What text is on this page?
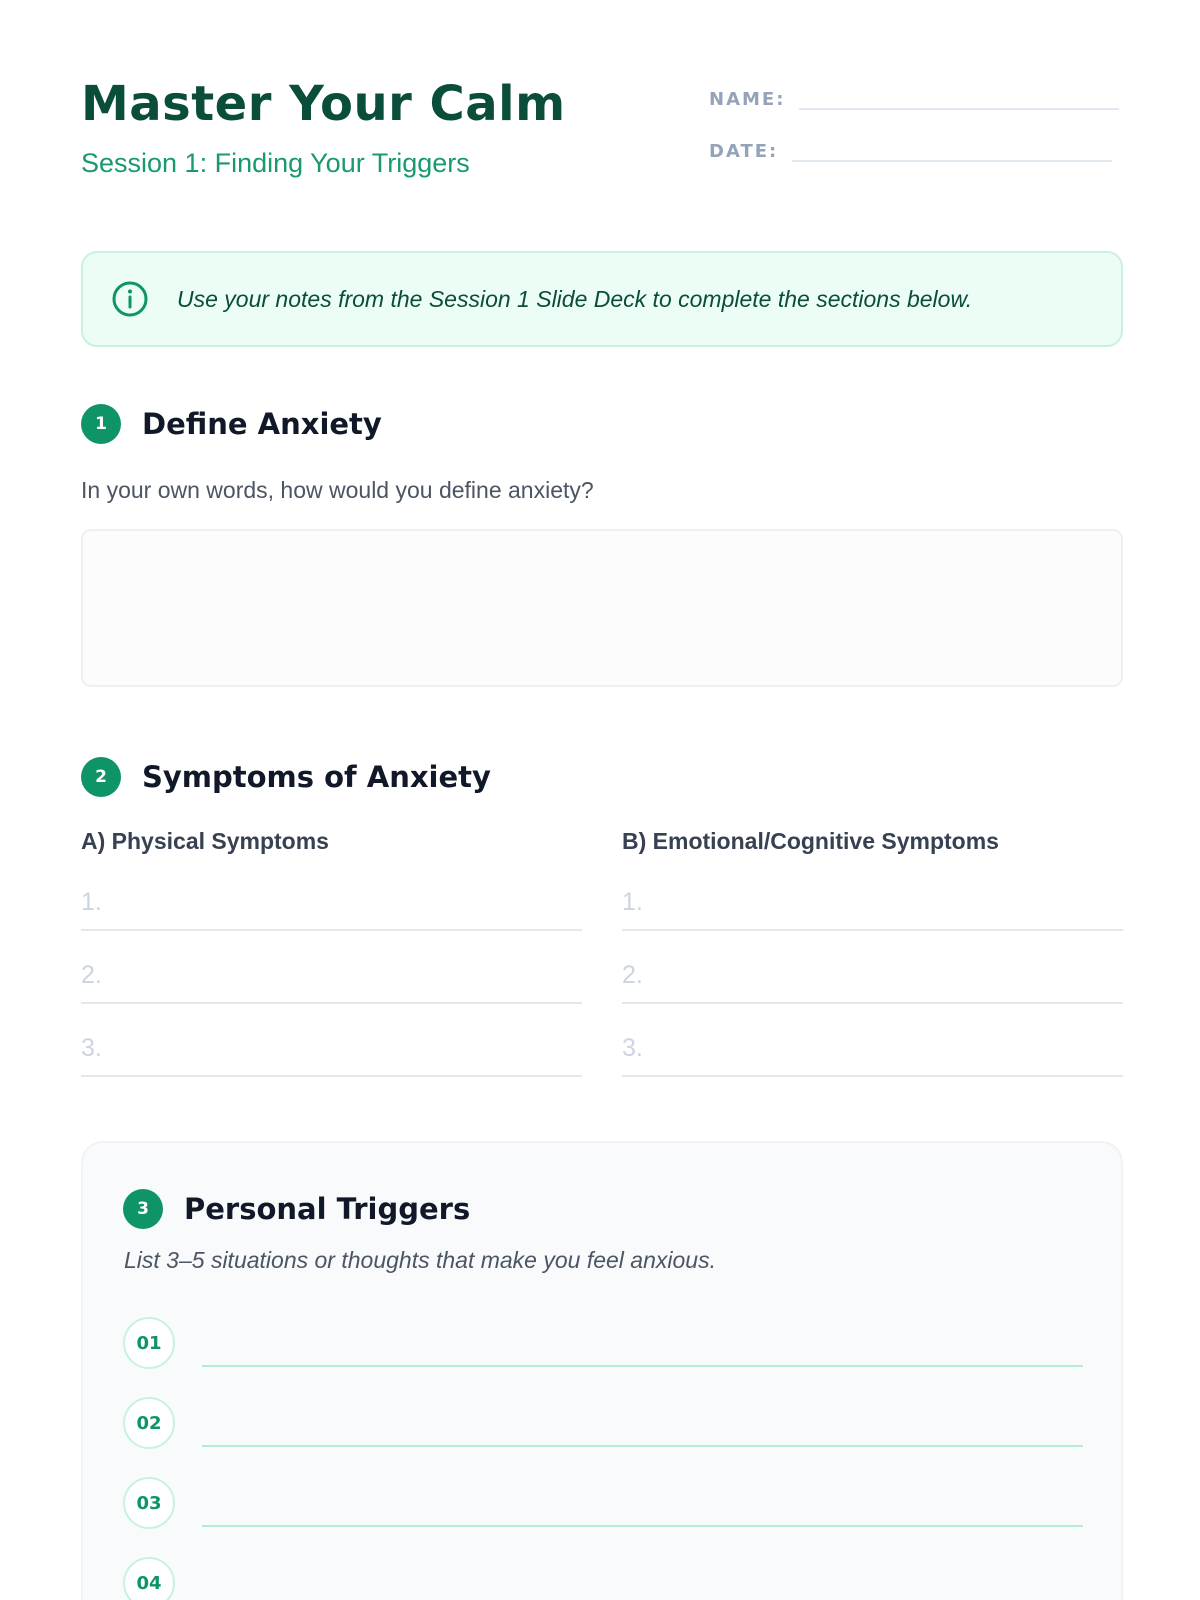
Master Your Calm
Session 1: Finding Your Triggers
NAME:
DATE:
Use your notes from the Session 1 Slide Deck to complete the sections below.
1	Define Anxiety
In your own words, how would you define anxiety?
2	Symptoms of Anxiety
A) Physical Symptoms
1.
2.
3.
B) Emotional/Cognitive Symptoms
1.
2.
3.
3	Personal Triggers
List 3–5 situations or thoughts that make you feel anxious.
01
02
03
04
